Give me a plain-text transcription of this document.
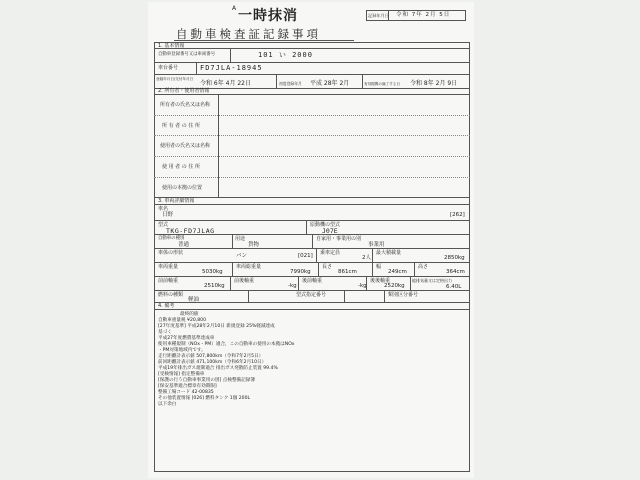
A 一時抹消
自動車検査証記録事項
記録年月日 令和 7年 2月 5日
1. 基本情報
自動車登録番号又は車両番号	101 い 2000
車台番号	FD7JLA-18945
登録年月日/交付年月日
令和 6年 4月 22日	初度登録年月 平成 28年 2月	有効期間の満了する日 令和 8年 2月 9日
2. 所有者・使用者情報
所有者の氏名又は名称
所 有 者 の 住 所
使用者の氏名又は名称
使 用 者 の 住 所
使用の本拠の位置
3. 車両詳細情報
車名
日野	[262]
型式
TKG-FD7JLAG
原動機の型式
J07E
自動車の種別
普通
用途
貨物
自家用・事業用の別
事業用
車体の形状	バン	[021] 乗車定員
2人
最大積載量
2850kg
車両重量
5030kg
車両総重量
7990kg
長さ
861cm
幅
249cm
高さ
364cm
前前軸重
2510kg
前後軸重
-kg
後前軸重
-kg
後後軸重
2520kg
総排気量又は定格出力
6.40L
燃料の種類
軽油
型式指定番号	類別区分番号
4. 備考
最終的値
自動車重量税 ¥20,800
[27年度基準] 平成28年2月10日 新規登録 25%軽減達成
基づく
平成27年度燃費基準達成車
使用車種規制（NOx・PM）適合，この自動車の使用の本拠はNOx
・PM対策地域内です。
走行距離計表示値 507,800km（令和7年2月5日）
前回距離計表示値 471,100km（令和6年2月10日）
平成19年排出ガス規制適合 排出ガス発散防止装置 99.4%
[受検情報] 指定整備車
[保護の行う自動車事業用の別] 点検整備記録簿
[保安基準適合標章有効期限]
整備工場コード 42-00835
その他装置情報 [026] 燃料タンク 1個 200L
以下余白
